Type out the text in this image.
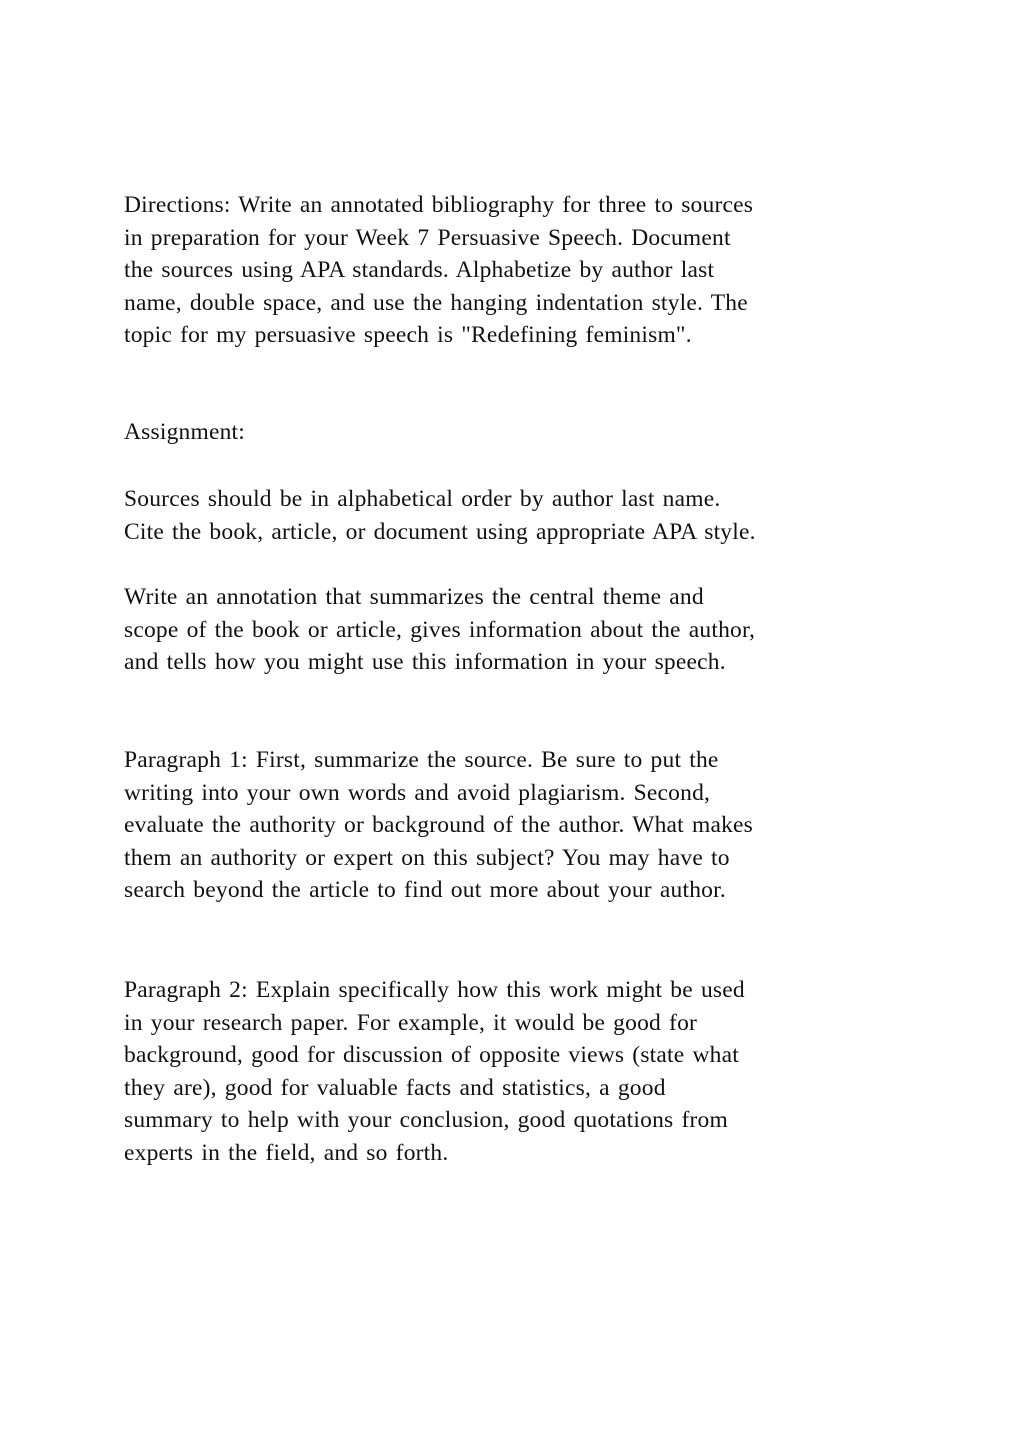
Directions: Write an annotated bibliography for three to sources
in preparation for your Week 7 Persuasive Speech. Document
the sources using APA standards. Alphabetize by author last
name, double space, and use the hanging indentation style. The
topic for my persuasive speech is "Redefining feminism".
Assignment:
Sources should be in alphabetical order by author last name.
Cite the book, article, or document using appropriate APA style.
Write an annotation that summarizes the central theme and
scope of the book or article, gives information about the author,
and tells how you might use this information in your speech.
Paragraph 1: First, summarize the source. Be sure to put the
writing into your own words and avoid plagiarism. Second,
evaluate the authority or background of the author. What makes
them an authority or expert on this subject? You may have to
search beyond the article to find out more about your author.
Paragraph 2: Explain specifically how this work might be used
in your research paper. For example, it would be good for
background, good for discussion of opposite views (state what
they are), good for valuable facts and statistics, a good
summary to help with your conclusion, good quotations from
experts in the field, and so forth.
